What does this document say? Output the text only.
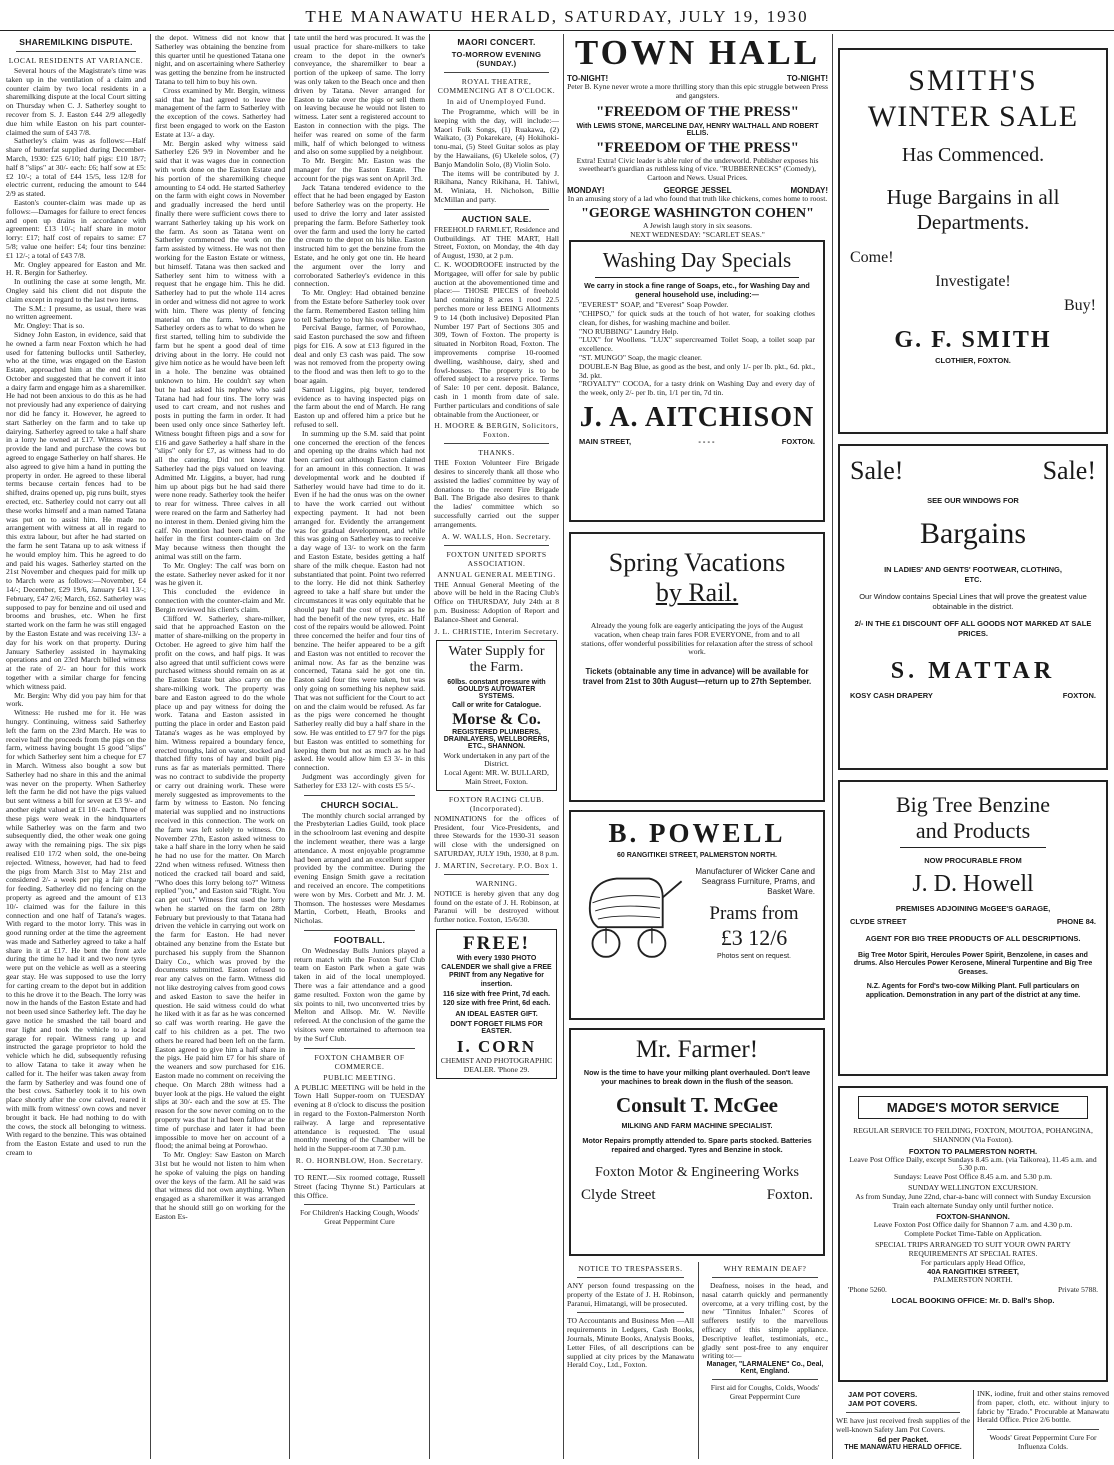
THE MANAWATU HERALD, SATURDAY, JULY 19, 1930
SHAREMILKING DISPUTE.
LOCAL RESIDENTS AT VARIANCE.

Several hours of the Magistrate's time was taken up in the ventilation of a claim and counter claim by two local residents in a sharemilking dispute at the local Court sitting on Thursday when C. J. Satherley sought to recover from S. J. Easton £44 2/9 allegedly due him while Easton on his part counter-claimed the sum of £43 7/8.

Satherley's claim was as follows:—Half share of butterfat supplied during December-March, 1930: £25 6/10; half pigs: £10 18/7; half 8 "slips" at 30/- each: £6; half sow at £5: £2 10/-; a total of £44 15/5, less 12/8 for electric current, reducing the amount to £44 2/9 as stated.

Easton's counter-claim was made up as follows:—Damages for failure to erect fences and open up drains in accordance with agreement: £13 10/-; half share in motor lorry: £17; half cost of repairs to same: £7 5/8; value one heifer: £4; four tins benzine: £1 12/-; a total of £43 7/8.

Mr. Ongley appeared for Easton and Mr. H. R. Bergin for Satherley.

In outlining the case at some length, Mr. Ongley said his client did not dispute the claim except in regard to the last two items.

The S.M.: I presume, as usual, there was no written agreement.

Mr. Ongley: That is so.

Sidney John Easton, in evidence, said that he owned a farm near Foxton which he had used for fattening bullocks until Satherley, who at the time, was engaged on the Easton Estate, approached him at the end of last October and suggested that he convert it into a dairy farm and engage him as a sharemilker. He had not been anxious to do this as he had not previously had any experience of dairying nor did he fancy it. However, he agreed to start Satherley on the farm and to take up dairying. Satherley agreed to take a half share in a lorry he owned at £17. Witness was to provide the land and purchase the cows but agreed to engage Satherley on half shares. He also agreed to give him a hand in putting the property in order. He agreed to these liberal terms because certain fences had to be shifted, drains opened up, pig runs built, styes erected, etc. Satherley could not carry out all these works himself and a man named Tatana was put on to assist him. He made no arrangement with witness at all in regard to this extra labour, but after he had started on the farm he sent Tatana up to ask witness if he would employ him. This he agreed to do and paid his wages. Satherley started on the 21st November and cheques paid for milk up to March were as follows:—November, £4 14/-; December, £29 19/6, January £41 13/-; February, £47 2/6; March, £62. Satherley was supposed to pay for benzine and oil used and brooms and brushes, etc. When he first started work on the farm he was still engaged by the Easton Estate and was receiving 13/- a day for his work on that property. During January Satherley assisted in haymaking operations and on 23rd March billed witness at the rate of 2/- an hour for this work together with a similar charge for fencing which witness paid.

Mr. Bergin: Why did you pay him for that work.

Witness: He rushed me for it. He was hungry. Continuing, witness said Satherley left the farm on the 23rd March. He was to receive half the proceeds from the pigs on the farm, witness having bought 15 good "slips" for which Satherley sent him a cheque for £7 in March. Witness also bought a sow but Satherley had no share in this and the animal was never on the property. When Satherley left the farm he did not have the pigs valued but sent witness a bill for seven at £3 9/- and another eight valued at £1 10/- each. Three of these pigs were weak in the hindquarters while Satherley was on the farm and two subsequently died, the other weak one going away with the remaining pigs. The six pigs realised £10 17/2 when sold, the one-being rejected. Witness, however, had had to feed the pigs from March 31st to May 21st and considered 2/- a week per pig a fair charge for feeding. Satherley did no fencing on the property as agreed and the amount of £13 10/- claimed was for the failure in this connection and one half of Tatana's wages. With regard to the motor lorry. This was in good running order at the time the agreement was made and Satherley agreed to take a half share in it at £17. He bent the front axle during the time he had it and two new tyres were put on the vehicle as well as a steering gear stay. He was supposed to use the lorry for carting cream to the depot but in addition to this he drove it to the Beach. The lorry was now in the hands of the Easton Estate and had not been used since Satherley left. The day he gave notice he smashed the tail board and rear light and took the vehicle to a local garage for repair. Witness rang up and instructed the garage proprietor to hold the vehicle which he did, subsequently refusing to allow Tatana to take it away when he called for it. The heifer was taken away from the farm by Satherley and was found one of the best cows. Satherley took it to his own place shortly after the cow calved, reared it with milk from witness' own cows and never brought it back. He had nothing to do with the cows, the stock all belonging to witness. With regard to the benzine. This was obtained from the Easton Estate and used to run the cream to

the depot. Witness did not know that Satherley was obtaining the benzine from this quarter until he questioned Tatana one night, and on ascertaining where Satherley was getting the benzine from he instructed Tatana to tell him to buy his own.

Cross examined by Mr. Bergin, witness said that he had agreed to leave the management of the farm to Satherley with the exception of the cows. Satherley had first been engaged to work on the Easton Estate at 13/- a day.

Mr. Bergin asked why witness said Satherley £26 9/9 in November and he said that it was wages due in connection with work done on the Easton Estate and his portion of the sharemilking cheque amounting to £4 odd. He started Satherley on the farm with eight cows in November and gradually increased the herd until finally there were sufficient cows there to warrant Satherley taking up his work on the farm. As soon as Tatana went on Satherley commenced the work on the farm assisted by witness. He was not then working for the Easton Estate or witness, but himself. Tatana was then sacked and Satherley sent him to witness with a request that he engage him. This he did. Satherley had to put the whole 114 acres in order and witness did not agree to work with him. There was plenty of fencing material on the farm. Witness gave Satherley orders as to what to do when he first started, telling him to subdivide the farm but he spent a good deal of time driving about in the lorry. He could not give him notice as he would have been left in a hole. The benzine was obtained unknown to him. He couldn't say when but he had asked his nephew who said Tatana had had four tins. The lorry was used to cart cream, and not rushes and posts in putting the farm in order. It had been used only once since Satherley left. Witness bought fifteen pigs and a sow for £16 and gave Satherley a half share in the "slips" only for £7, as witness had to do all the catering. Did not know that Satherley had the pigs valued on leaving. Admitted Mr. Liggins, a buyer, had rung him up about pigs but he had said there were none ready. Satherley took the heifer to rear for witness. Three calves in all were reared on the farm and Satherley had no interest in them. Denied giving him the calf. No mention had been made of the heifer in the first counter-claim on 3rd May because witness then thought the animal was still on the farm.

To Mr. Ongley: The calf was born on the estate. Satherley never asked for it nor was he given it.

This concluded the evidence in connection with the counter-claim and Mr. Bergin reviewed his client's claim.

Clifford W. Satherley, share-milker, said that he approached Easton on the matter of share-milking on the property in October. He agreed to give him half the profit on the cows, and half pigs. It was also agreed that until sufficient cows were purchased witness should remain on as at the Easton Estate but also carry on the share-milking work. The property was bare and Easton agreed to do the whole place up and pay witness for doing the work. Tatana and Easton assisted in putting the place in order and Easton paid Tatana's wages as he was employed by him. Witness repaired a boundary fence, erected troughs, laid on water, stocked and thatched fifty tons of hay and built pig-runs as far as materials permitted. There was no contract to subdivide the property or carry out draining work. These were merely suggested as improvements to the farm by witness to Easton. No fencing material was supplied and no instructions received in this connection. The work on the farm was left solely to witness. On November 27th, Easton asked witness to take a half share in the lorry when he said he had no use for the matter. On March 22nd when witness refused. Witness then noticed the cracked tail board and said, "Who does this lorry belong to?" Witness replied "you," and Easton said "Right. You can get out." Witness first used the lorry when he started on the farm on 28th February but previously to that Tatana had driven the vehicle in carrying out work on the farm for Easton. He had never obtained any benzine from the Estate but purchased his supply from the Shannon Dairy Co., which was proved by the documents submitted. Easton refused to rear any calves on the farm. Witness did not like destroying calves from good cows and asked Easton to save the heifer in question. He said witness could do what he liked with it as far as he was concerned so calf was worth rearing. He gave the calf to his children as a pet. The two others he reared had been left on the farm. Easton agreed to give him a half share in the pigs. He paid him £7 for his share of the weaners and sow purchased for £16. Easton made no comment on receiving the cheque. On March 28th witness had a buyer look at the pigs. He valued the eight slips at 30/- each and the sow at £5. The reason for the sow never coming on to the property was that it had been fallow at the time of purchase and later it had been impossible to move her on account of a flood; the animal being at Porowhao.

To Mr. Ongley: Saw Easton on March 31st but he would not listen to him when he spoke of valuing the pigs on handing over the keys of the farm. All he said was that witness did not own anything. When engaged as a sharemilker it was arranged that he should still go on working for the Easton Es-

tate until the herd was procured. It was the usual practice for share-milkers to take cream to the depot in the owner's conveyance, the sharemilker to bear a portion of the upkeep of same. The lorry was only taken to the Beach once and then driven by Tatana. Never arranged for Easton to take over the pigs or sell them on leaving because he would not listen to witness. Later sent a registered account to Easton in connection with the pigs. The heifer was reared on some of the farm milk, half of which belonged to witness and also on some supplied by a neighbour.

To Mr. Bergin: Mr. Easton was the manager for the Easton Estate. The account for the pigs was sent on April 3rd.

Jack Tatana tendered evidence to the effect that he had been engaged by Easton before Satherley was on the property. He used to drive the lorry and later assisted preparing the farm. Before Satherley took over the farm and used the lorry he carted the cream to the depot on his bike. Easton instructed him to get the benzine from the Estate, and he only got one tin. He heard the argument over the lorry and corroborated Satherley's evidence in this connection.

To Mr. Ongley: Had obtained benzine from the Estate before Satherley took over the farm. Remembered Easton telling him to tell Satherley to buy his own benzine.

Percival Bauge, farmer, of Porowhao, said Easton purchased the sow and fifteen pigs for £16. A sow at £13 figured in the deal and only £3 cash was paid. The sow was not removed from the property owing to the flood and was then left to go to the boar again.

Samuel Liggins, pig buyer, tendered evidence as to having inspected pigs on the farm about the end of March. He rang Easton up and offered him a price but he refused to sell.

In summing up the S.M. said that point one concerned the erection of the fences and opening up the drains which had not been carried out although Easton claimed for an amount in this connection. It was developmental work and he doubted if Satherley would have had time to do it. Even if he had the onus was on the owner to have the work carried out without expecting payment. It had not been arranged for. Evidently the arrangement was for gradual development, and while this was going on Satherley was to receive a day wage of 13/- to work on the farm and Easton Estate, besides getting a half share of the milk cheque. Easton had not substantiated that point. Point two referred to the lorry. He did not think Satherley agreed to take a half share but under the circumstances it was only equitable that he should pay half the cost of repairs as he had the benefit of the new tyres, etc. Half cost of the repairs would be allowed. Point three concerned the heifer and four tins of benzine. The heifer appeared to be a gift and Easton was not entitled to recover the animal now. As far as the benzine was concerned, Tatana said he got one tin. Easton said four tins were taken, but was only going on something his nephew said. That was not sufficient for the Court to act on and the claim would be refused. As far as the pigs were concerned he thought Satherley really did buy a half share in the sow. He was entitled to £7 9/7 for the pigs but Easton was entitled to something for keeping them but not as much as he had asked. He would allow him £3 3/- in this connection.

Judgment was accordingly given for Satherley for £33 12/- with costs £5 5/-.

CHURCH SOCIAL.

The monthly church social arranged by the Presbyterian Ladies Guild, took place in the schoolroom last evening and despite the inclement weather, there was a large attendance. A most enjoyable programme had been arranged and an excellent supper provided by the committee. During the evening Ensign Smith gave a recitation and received an encore. The competitions were won by Mrs. Corbett and Mr. J. M. Thomson. The hostesses were Mesdames Martin, Corbett, Heath, Brooks and Nicholas.

FOOTBALL.

On Wednesday Bulls Juniors played a return match with the Foxton Surf Club team on Easton Park when a gate was taken in aid of the local unemployed. There was a fair attendance and a good game resulted. Foxton won the game by six points to nil, two unconverted tries by Melton and Allsop. Mr. W. Neville refereed. At the conclusion of the game the visitors were entertained to afternoon tea by the Surf Club.

FOXTON CHAMBER OF COMMERCE.
PUBLIC MEETING.

A PUBLIC MEETING will be held in the Town Hall Supper-room on TUESDAY evening at 8 o'clock to discuss the position in regard to the Foxton-Palmerston North railway. A large and representative attendance is requested. The usual monthly meeting of the Chamber will be held in the Supper-room at 7.30 p.m.

R. O. HORNBLOW, Hon. Secretary.

TO RENT.—Six roomed cottage, Russell Street (facing Thynne St.) Particulars at this Office.

For Children's Hacking Cough, Woods' Great Peppermint Cure

MAORI CONCERT.
TO-MORROW EVENING (SUNDAY.)
ROYAL THEATRE, COMMENCING AT 8 O'CLOCK.
In aid of Unemployed Fund.

The Programme, which will be in keeping with the day, will include:— Maori Folk Songs, (1) Ruakawa, (2) Waikato, (3) Pokarekare, (4) Hokihoki-tonu-mai, (5) Steel Guitar solos as play by the Hawaiians, (6) Ukelele solos, (7) Banjo Mandolin Solo, (8) Violin Solo.

The items will be contributed by J. Rikihana, Nancy Rikihana, H. Tahiwi, M. Winiata, H. Nicholson, Billie McMillan and party.

AUCTION SALE.

FREEHOLD FARMLET, Residence and Outbuildings. AT THE MART, Hall Street, Foxton, on Monday, the 4th day of August, 1930, at 2 p.m.

C. K. WOODROOFE instructed by the Mortgagee, will offer for sale by public auction at the abovementioned time and place:— THOSE PIECES of freehold land containing 8 acres 1 rood 22.5 perches more or less BEING Allotments 9 to 14 (both inclusive) Deposited Plan Number 197 Part of Sections 305 and 309, Town of Foxton. The property is situated in Norbiton Road, Foxton. The improvements comprise 10-roomed dwelling, washhouse, dairy, shed and fowl-houses. The property is to be offered subject to a reserve price. Terms of Sale: 10 per cent. deposit. Balance, cash in 1 month from date of sale. Further particulars and conditions of sale obtainable from the Auctioneer, or

H. MOORE & BERGIN, Solicitors, Foxton.
THANKS.

THE Foxton Volunteer Fire Brigade desires to sincerely thank all those who assisted the ladies' committee by way of donations to the recent Fire Brigade Ball. The Brigade also desires to thank the ladies' committee which so successfully carried out the supper arrangements.

A. W. WALLS, Hon. Secretary.
FOXTON UNITED SPORTS ASSOCIATION.
ANNUAL GENERAL MEETING.

THE Annual General Meeting of the above will be held in the Racing Club's Office on THURSDAY, July 24th at 8 p.m. Business: Adoption of Report and Balance-Sheet and General.

J. L. CHRISTIE, Interim Secretary.
Water Supply for the Farm.
60lbs. constant pressure with GOULD'S AUTOWATER SYSTEMS.
Call or write for Catalogue.
Morse & Co.
REGISTERED PLUMBERS, DRAINLAYERS, WELLBORERS, ETC., SHANNON.
Work undertaken in any part of the District.
Local Agent: MR. W. BULLARD, Main Street, Foxton.
FOXTON RACING CLUB. (Incorporated).

NOMINATIONS for the offices of President, four Vice-Presidents, and three Stewards for the 1930-31 season will close with the undersigned on SATURDAY, JULY 19th, 1930, at 8 p.m.

J. MARTIN, Secretary. P.O. Box 1.
WARNING.

NOTICE is hereby given that any dog found on the estate of J. H. Robinson, at Paranui will be destroyed without further notice. Foxton, 15/6/30.

FREE!
With every 1930 PHOTO CALENDER we shall give a FREE PRINT from any Negative for insertion.
116 size with free Print, 7d each.
120 size with free Print, 6d each.
AN IDEAL EASTER GIFT.
DON'T FORGET FILMS FOR EASTER.
I. CORN
CHEMIST AND PHOTOGRAPHIC DEALER. 'Phone 29.
TOWN HALL
TO-NIGHT!	TO-NIGHT!
Peter B. Kyne never wrote a more thrilling story than this epic struggle between Press and gangsters.
"FREEDOM OF THE PRESS"
With LEWIS STONE, MARCELINE DAY, HENRY WALTHALL AND ROBERT ELLIS.
"FREEDOM OF THE PRESS"
Extra! Extra! Civic leader is able ruler of the underworld. Publisher exposes his sweetheart's guardian as ruthless king of vice. "RUBBERNECKS" (Comedy), Cartoon and News. Usual Prices.
MONDAY!	GEORGE JESSEL	MONDAY!
In an amusing story of a lad who found that truth like chickens, comes home to roost.
"GEORGE WASHINGTON COHEN"
A Jewish laugh story in six seasons.
NEXT WEDNESDAY: "SCARLET SEAS."
Washing Day Specials
We carry in stock a fine range of Soaps, etc., for Washing Day and general household use, including:—
"EVEREST" SOAP, and "Everest" Soap Powder.
"CHIPSO," for quick suds at the touch of hot water, for soaking clothes clean, for dishes, for washing machine and boiler.
"NO RUBBING" Laundry Help.
"LUX" for Woollens. "LUX" supercreamed Toilet Soap, a toilet soap par excellence.
"ST. MUNGO" Soap, the magic cleaner.
DOUBLE-N Bag Blue, as good as the best, and only 1/- per lb. pkt., 6d. pkt., 3d. pkt.
"ROYALTY" COCOA, for a tasty drink on Washing Day and every day of the week, only 2/- per lb. tin, 1/1 per tin, 7d tin.
J. A. AITCHISON
MAIN STREET,	- - - -	FOXTON.
Spring Vacations
by Rail.
Already the young folk are eagerly anticipating the joys of the August vacation, when cheap train fares FOR EVERYONE, from and to all stations, offer wonderful possibilities for relaxation after the stress of school work.
Tickets (obtainable any time in advance) will be available for travel from 21st to 30th August—return up to 27th September.
B. POWELL
60 RANGITIKEI STREET, PALMERSTON NORTH.
Manufacturer of Wicker Cane and Seagrass Furniture, Prams, and Basket Ware.
Prams from
£3 12/6
Photos sent on request.
Mr. Farmer!
Now is the time to have your milking plant overhauled. Don't leave your machines to break down in the flush of the season.
Consult T. McGee
MILKING AND FARM MACHINE SPECIALIST.
Motor Repairs promptly attended to. Spare parts stocked. Batteries repaired and charged. Tyres and Benzine in stock.
Foxton Motor & Engineering Works
Clyde Street	Foxton.
NOTICE TO TRESPASSERS.

ANY person found trespassing on the property of the Estate of J. H. Robinson, Paranui, Himatangi, will be prosecuted.

TO Accountants and Business Men —All requirements in Ledgers, Cash Books, Journals, Minute Books, Analysis Books, Letter Files, of all descriptions can be supplied at city prices by the Manawatu Herald Coy., Ltd., Foxton.

WHY REMAIN DEAF?

Deafness, noises in the head, and nasal catarrh quickly and permanently overcome, at a very trifling cost, by the new "Tinnitus Inhaler." Scores of sufferers testify to the marvellous efficacy of this simple appliance. Descriptive leaflet, testimonials, etc., gladly sent post-free to any enquirer writing to:—

Manager, "LARMALENE" Co., Deal, Kent, England.

First aid for Coughs, Colds, Woods' Great Peppermint Cure

SMITH'S
WINTER SALE
Has Commenced.
Huge Bargains in all Departments.
Come!
Investigate!
Buy!
G. F. SMITH
CLOTHIER, FOXTON.
Sale!	Sale!
SEE OUR WINDOWS FOR
Bargains
IN LADIES' AND GENTS' FOOTWEAR, CLOTHING, ETC.
Our Window contains Special Lines that will prove the greatest value obtainable in the district.
2/- IN THE £1 DISCOUNT OFF ALL GOODS NOT MARKED AT SALE PRICES.
S. MATTAR
KOSY CASH DRAPERY	FOXTON.
Big Tree Benzine
and Products
NOW PROCURABLE FROM
J. D. Howell
PREMISES ADJOINING McGEE'S GARAGE,
CLYDE STREET	PHONE 84.
AGENT FOR BIG TREE PRODUCTS OF ALL DESCRIPTIONS.
Big Tree Motor Spirit, Hercules Power Spirit, Benzolene, in cases and drums. Also Hercules Power Kerosene, Mineral Turpentine and Big Tree Greases.
N.Z. Agents for Ford's two-cow Milking Plant. Full particulars on application. Demonstration in any part of the district at any time.
MADGE'S MOTOR SERVICE
REGULAR SERVICE TO FEILDING, FOXTON, MOUTOA, POHANGINA, SHANNON (Via Foxton).
FOXTON TO PALMERSTON NORTH.
Leave Post Office Daily, except Sundays 8.45 a.m. (via Taikorea), 11.45 a.m. and 5.30 p.m.
Sundays: Leave Post Office 8.45 a.m. and 5.30 p.m.
SUNDAY WELLINGTON EXCURSION.
As from Sunday, June 22nd, char-a-banc will connect with Sunday Excursion Train each alternate Sunday only until further notice.
FOXTON-SHANNON.
Leave Foxton Post Office daily for Shannon 7 a.m. and 4.30 p.m.
Complete Pocket Time-Table on Application.
SPECIAL TRIPS ARRANGED TO SUIT YOUR OWN PARTY REQUIREMENTS AT SPECIAL RATES.
For particulars apply Head Office,
40A RANGITIKEI STREET,
PALMERSTON NORTH.
'Phone 5260.	Private 5788.
LOCAL BOOKING OFFICE: Mr. D. Ball's Shop.
JAM POT COVERS.
JAM POT COVERS.

WE have just received fresh supplies of the well-known Safety Jam Pot Covers.

6d per Packet.
THE MANAWATU HERALD OFFICE.

INK, iodine, fruit and other stains removed from paper, cloth, etc. without injury to fabric by "Erado." Procurable at Manawatu Herald Office. Price 2/6 bottle.

Woods' Great Peppermint Cure For Influenza Colds.
